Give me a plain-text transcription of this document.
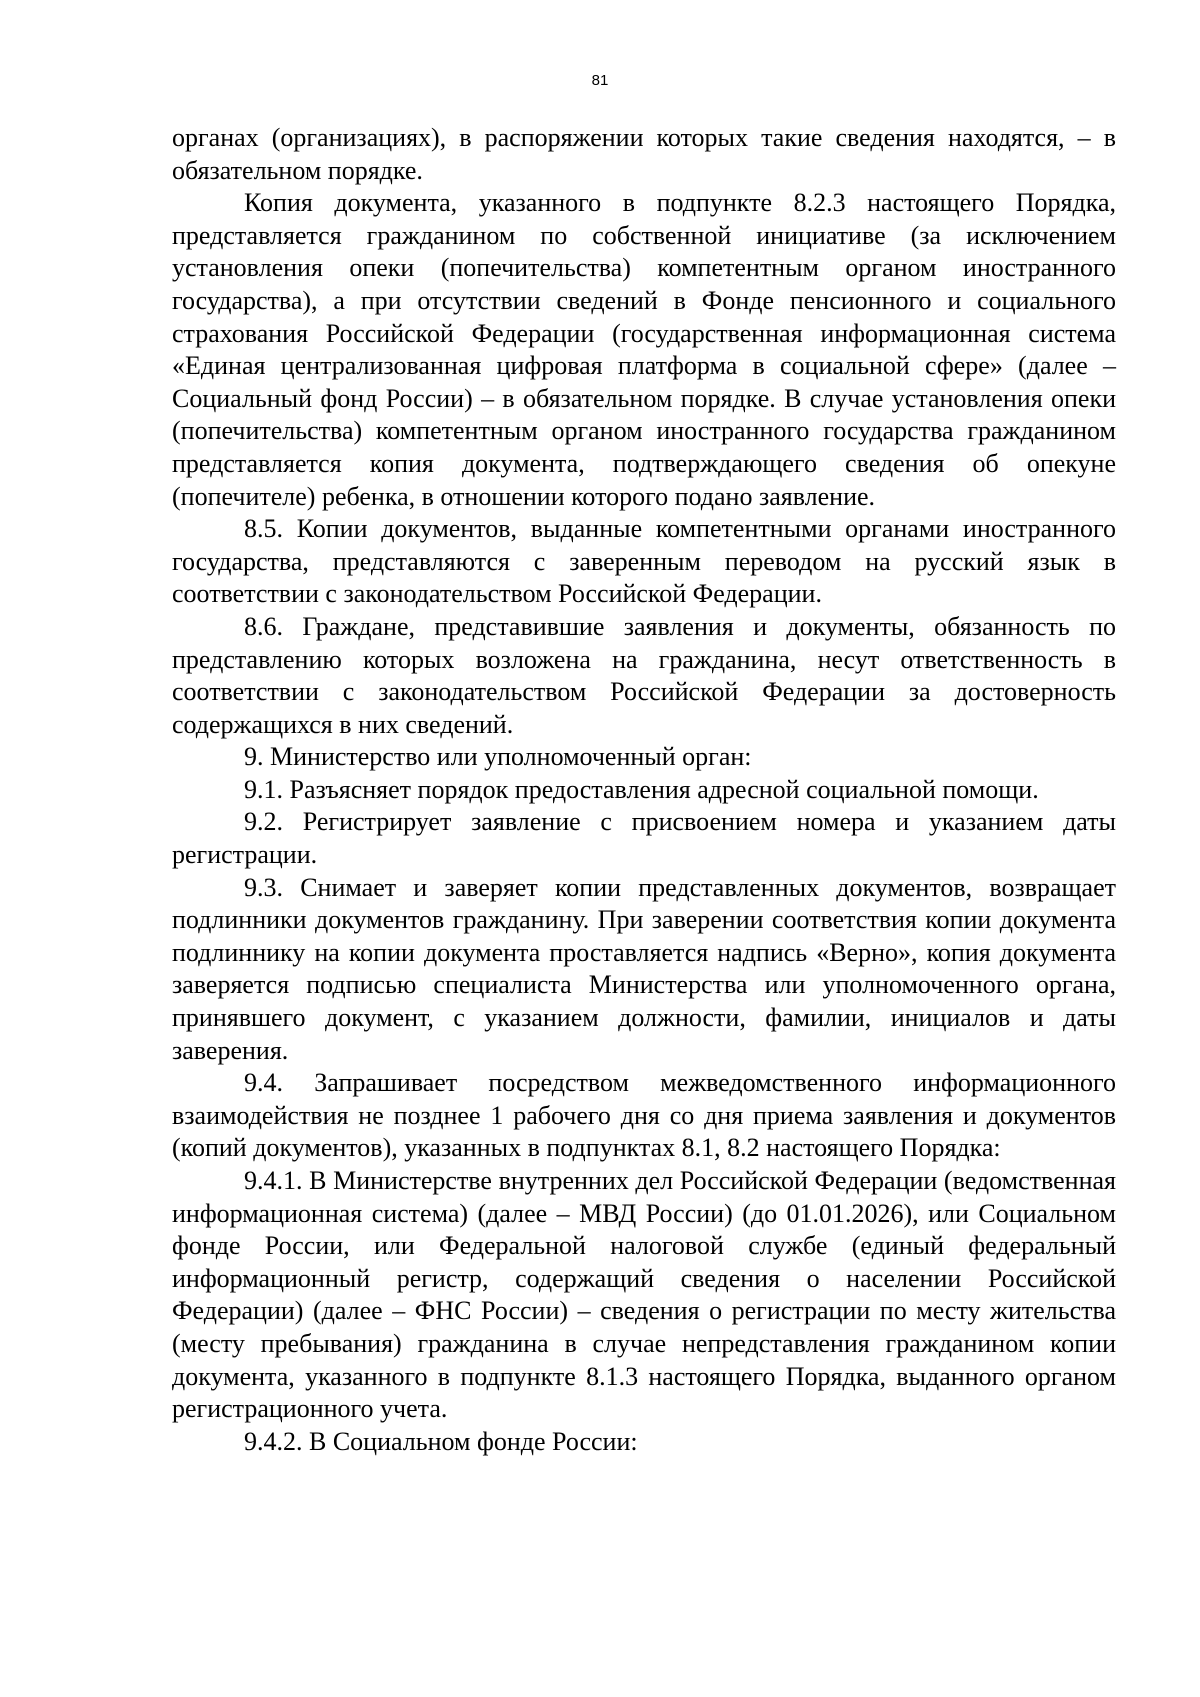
81

органах (организациях), в распоряжении которых такие сведения находятся, – в обязательном порядке.

Копия документа, указанного в подпункте 8.2.3 настоящего Порядка, представляется гражданином по собственной инициативе (за исключением установления опеки (попечительства) компетентным органом иностранного государства), а при отсутствии сведений в Фонде пенсионного и социального страхования Российской Федерации (государственная информационная система «Единая централизованная цифровая платформа в социальной сфере» (далее – Социальный фонд России) – в обязательном порядке. В случае установления опеки (попечительства) компетентным органом иностранного государства гражданином представляется копия документа, подтверждающего сведения об опекуне (попечителе) ребенка, в отношении которого подано заявление.

8.5. Копии документов, выданные компетентными органами иностранного государства, представляются с заверенным переводом на русский язык в соответствии с законодательством Российской Федерации.

8.6. Граждане, представившие заявления и документы, обязанность по представлению которых возложена на гражданина, несут ответственность в соответствии с законодательством Российской Федерации за достоверность содержащихся в них сведений.

9. Министерство или уполномоченный орган:

9.1. Разъясняет порядок предоставления адресной социальной помощи.

9.2. Регистрирует заявление с присвоением номера и указанием даты регистрации.

9.3. Снимает и заверяет копии представленных документов, возвращает подлинники документов гражданину. При заверении соответствия копии документа подлиннику на копии документа проставляется надпись «Верно», копия документа заверяется подписью специалиста Министерства или уполномоченного органа, принявшего документ, с указанием должности, фамилии, инициалов и даты заверения.

9.4. Запрашивает посредством межведомственного информационного взаимодействия не позднее 1 рабочего дня со дня приема заявления и документов (копий документов), указанных в подпунктах 8.1, 8.2 настоящего Порядка:

9.4.1. В Министерстве внутренних дел Российской Федерации (ведомственная информационная система) (далее – МВД России) (до 01.01.2026), или Социальном фонде России, или Федеральной налоговой службе (единый федеральный информационный регистр, содержащий сведения о населении Российской Федерации) (далее – ФНС России) – сведения о регистрации по месту жительства (месту пребывания) гражданина в случае непредставления гражданином копии документа, указанного в подпункте 8.1.3 настоящего Порядка, выданного органом регистрационного учета.

9.4.2. В Социальном фонде России:
